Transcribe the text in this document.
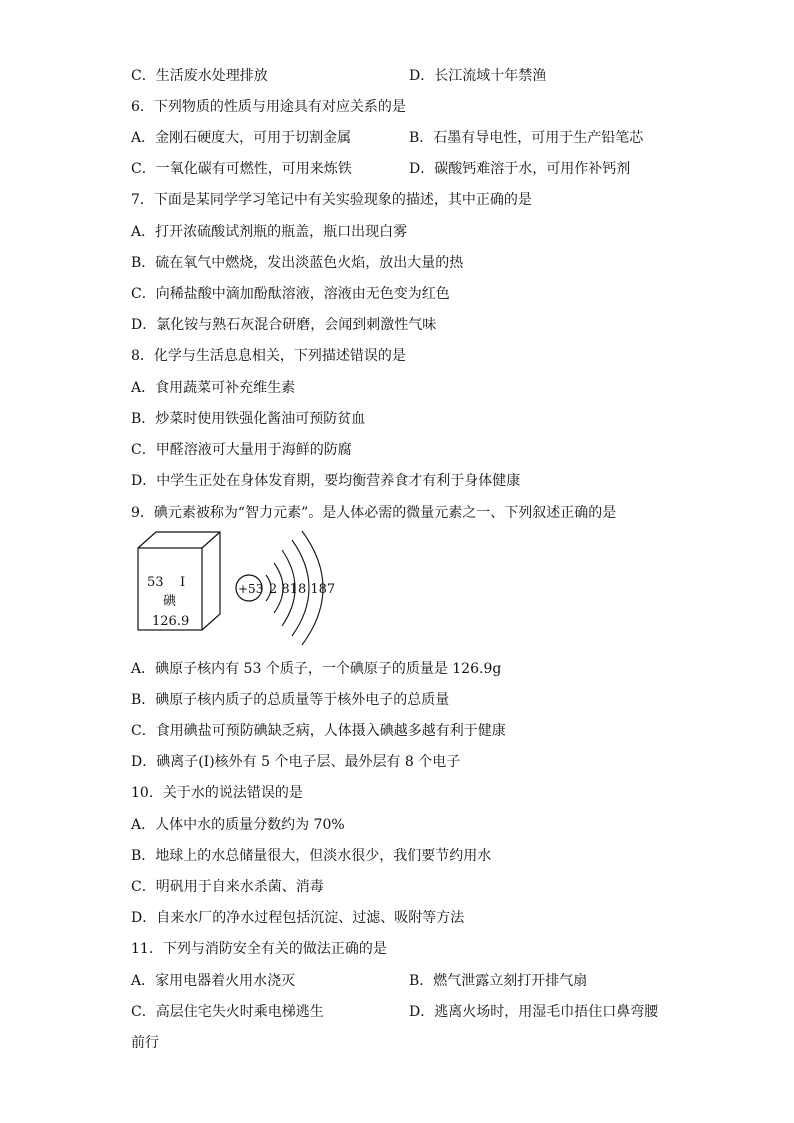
C．生活废水处理排放	D．长江流域十年禁渔
6．下列物质的性质与用途具有对应关系的是
A．金刚石硬度大，可用于切割金属	B．石墨有导电性，可用于生产铅笔芯
C．一氧化碳有可燃性，可用来炼铁	D．碳酸钙难溶于水，可用作补钙剂
7．下面是某同学学习笔记中有关实验现象的描述，其中正确的是
A．打开浓硫酸试剂瓶的瓶盖，瓶口出现白雾
B．硫在氧气中燃烧，发出淡蓝色火焰，放出大量的热
C．向稀盐酸中滴加酚酞溶液，溶液由无色变为红色
D．氯化铵与熟石灰混合研磨，会闻到刺激性气味
8．化学与生活息息相关，下列描述错误的是
A．食用蔬菜可补充维生素
B．炒菜时使用铁强化酱油可预防贫血
C．甲醛溶液可大量用于海鲜的防腐
D．中学生正处在身体发育期，要均衡营养食才有利于身体健康
9．碘元素被称为“智力元素”。是人体必需的微量元素之一、下列叙述正确的是
53 I
碘
126.9
+53 2 818 187
A．碘原子核内有 53 个质子，一个碘原子的质量是 126.9g
B．碘原子核内质子的总质量等于核外电子的总质量
C．食用碘盐可预防碘缺乏病，人体摄入碘越多越有利于健康
D．碘离子(I)核外有 5 个电子层、最外层有 8 个电子
10．关于水的说法错误的是
A．人体中水的质量分数约为 70%
B．地球上的水总储量很大，但淡水很少，我们要节约用水
C．明矾用于自来水杀菌、消毒
D．自来水厂的净水过程包括沉淀、过滤、吸附等方法
11．下列与消防安全有关的做法正确的是
A．家用电器着火用水浇灭	B．燃气泄露立刻打开排气扇
C．高层住宅失火时乘电梯逃生	D．逃离火场时，用湿毛巾捂住口鼻弯腰
前行
